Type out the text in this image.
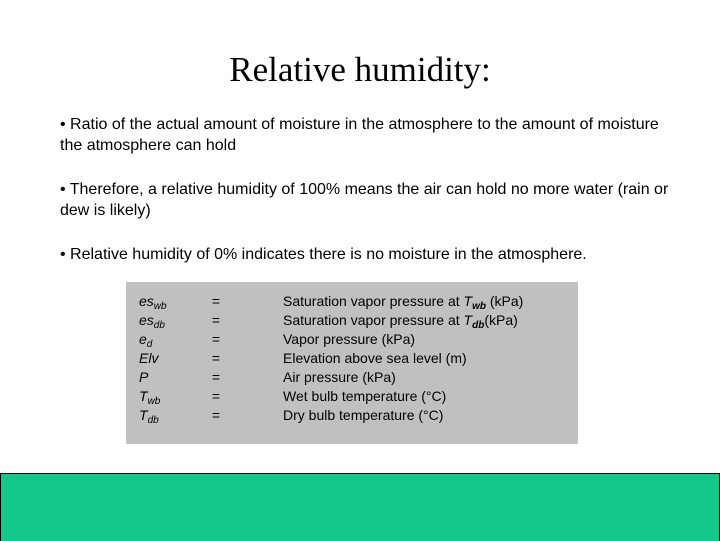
Relative humidity:
• Ratio of the actual amount of moisture in the atmosphere to the amount of moisture the atmosphere can hold
• Therefore, a relative humidity of 100% means the air can hold no more water (rain or dew is likely)
• Relative humidity of 0% indicates there is no moisture in the atmosphere.
$es_{wb}$	=	Saturation vapor pressure at $T_{wb}$ (kPa)
$es_{db}$	=	Saturation vapor pressure at $T_{db}(kPa)$
$e_d$	=	Vapor pressure (kPa)
Elv	=	Elevation above sea level (m)
P	=	Air pressure (kPa)
$T_{wb}$	=	Wet bulb temperature (°C)
$T_{db}$	=	Dry bulb temperature (°C)
